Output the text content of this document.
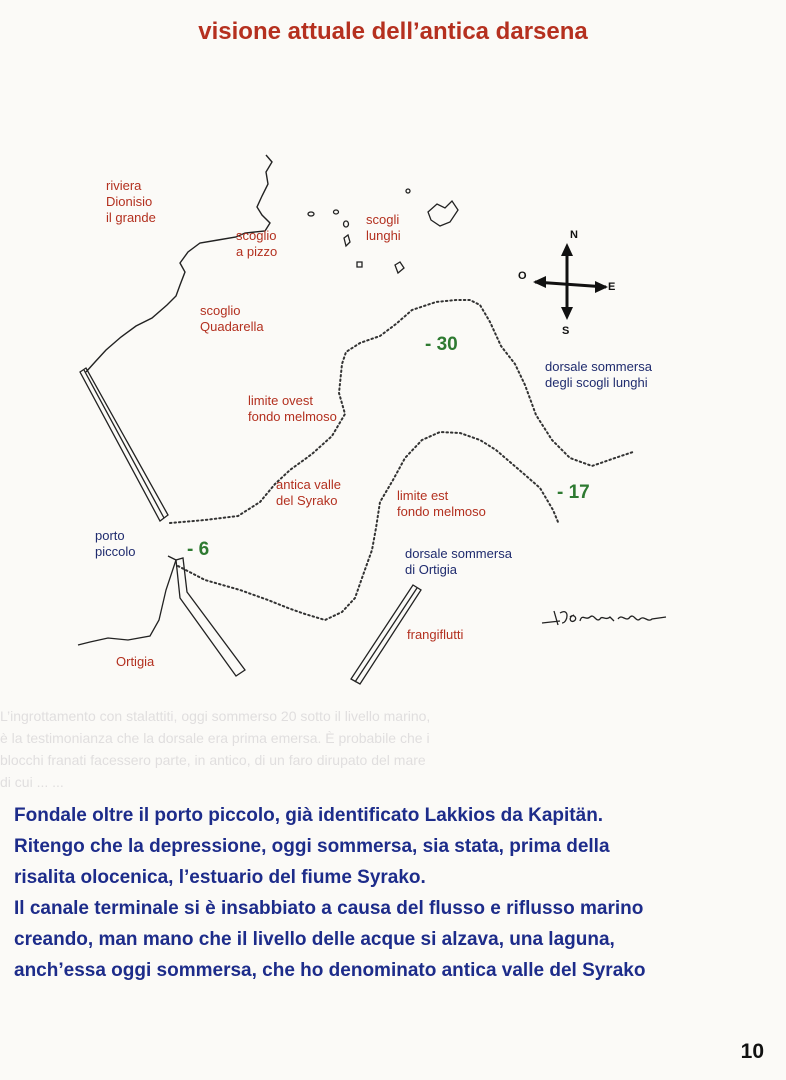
visione attuale dell’antica darsena
riviera
Dionisio
il grande
scoglio
a pizzo
scogli
lunghi
scoglio
Quadarella
limite ovest
fondo melmoso
antica valle
del Syrako	limite est
fondo melmoso
porto
piccolo
dorsale sommersa
degli scogli lunghi
dorsale sommersa
di Ortigia
frangiflutti
Ortigia
- 30
- 17
- 6
N
S
E
O
L’ingrottamento con stalattiti, oggi sommerso 20 sotto il livello marino,
è la testimonianza che la dorsale era prima emersa. È probabile che i
blocchi franati facessero parte, in antico, di un faro dirupato del mare
di cui ... ...
Fondale oltre il porto piccolo, già identificato Lakkios da Kapitän.
Ritengo che la depressione, oggi sommersa, sia stata, prima della
risalita olocenica, l’estuario del fiume Syrako.
Il canale terminale si è insabbiato a causa del flusso e riflusso marino
creando, man mano che il livello delle acque si alzava, una laguna,
anch’essa oggi sommersa, che ho denominato antica valle del Syrako
10
